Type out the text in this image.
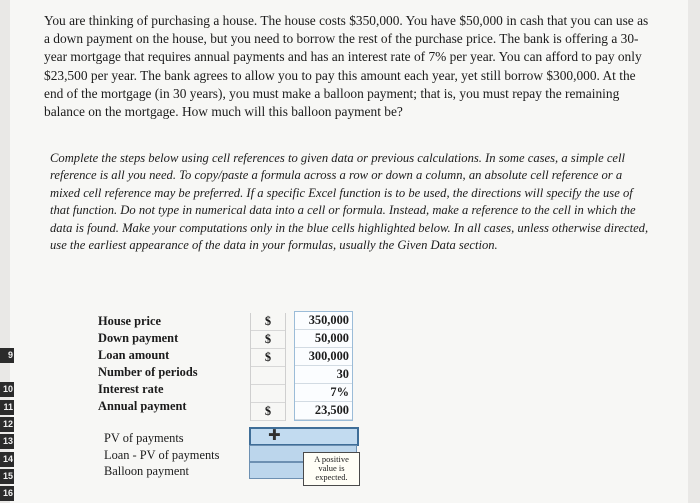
You are thinking of purchasing a house. The house costs $350,000. You have $50,000 in cash that you can use as a down payment on the house, but you need to borrow the rest of the purchase price. The bank is offering a 30-year mortgage that requires annual payments and has an interest rate of 7% per year. You can afford to pay only $23,500 per year. The bank agrees to allow you to pay this amount each year, yet still borrow $300,000. At the end of the mortgage (in 30 years), you must make a balloon payment; that is, you must repay the remaining balance on the mortgage. How much will this balloon payment be?
Complete the steps below using cell references to given data or previous calculations. In some cases, a simple cell reference is all you need. To copy/paste a formula across a row or down a column, an absolute cell reference or a mixed cell reference may be preferred. If a specific Excel function is to be used, the directions will specify the use of that function. Do not type in numerical data into a cell or formula. Instead, make a reference to the cell in which the data is found. Make your computations only in the blue cells highlighted below. In all cases, unless otherwise directed, use the earliest appearance of the data in your formulas, usually the Given Data section.
House price
Down payment
Loan amount
Number of periods
Interest rate
Annual payment
$
$
$
$
350,000
50,000
300,000
30
7%
23,500
PV of payments
Loan - PV of payments
Balloon payment
✚
A positive value is expected.
9
10
11
12
13
14
15
16
